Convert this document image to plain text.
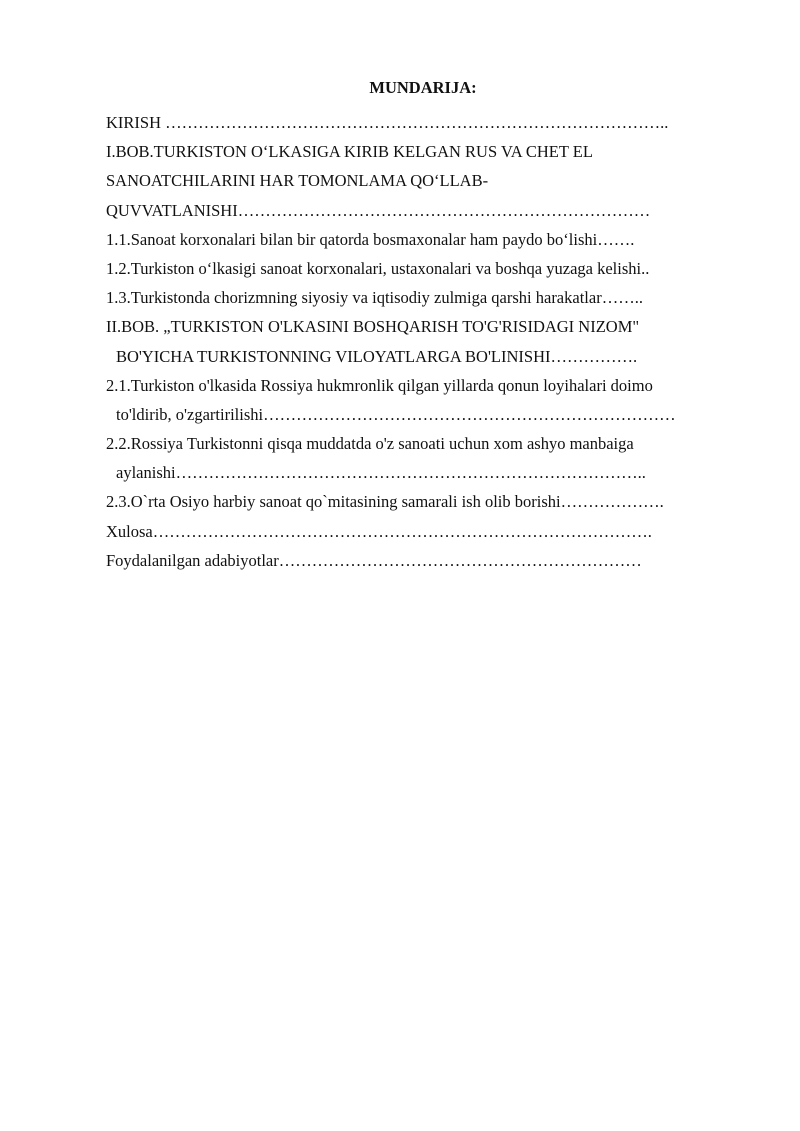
MUNDARIJA:
KIRISH ………………………………………………………………………………..
I.BOB.TURKISTON O‘LKASIGA KIRIB KELGAN RUS VA CHET EL
SANOATCHILARINI HAR TOMONLAMA QO‘LLAB-
QUVVATLANISHI…………………………………………………………………
1.1.Sanoat korxonalari bilan bir qatorda bosmaxonalar ham paydo bo‘lishi…….
1.2.Turkiston o‘lkasigi sanoat korxonalari, ustaxonalari va boshqa yuzaga kelishi..
1.3.Turkistonda chorizmning siyosiy va iqtisodiy zulmiga qarshi harakatlar……..
II.BOB. „TURKISTON O'LKASINI BOSHQARISH TO'G'RISIDAGI NIZOM"
BO'YICHA TURKISTONNING VILOYATLARGA BO'LINISHI…………….
2.1.Turkiston o'lkasida Rossiya hukmronlik qilgan yillarda qonun loyihalari doimo
to'ldirib, o'zgartirilishi…………………………………………………………………
2.2.Rossiya Turkistonni qisqa muddatda o'z sanoati uchun xom ashyo manbaiga
aylanishi…………………………………………………………………………..
2.3.O`rta Osiyo harbiy sanoat qo`mitasining samarali ish olib borishi……………….
Xulosa……………………………………………………………………………….
Foydalanilgan adabiyotlar…………………………………………………………
